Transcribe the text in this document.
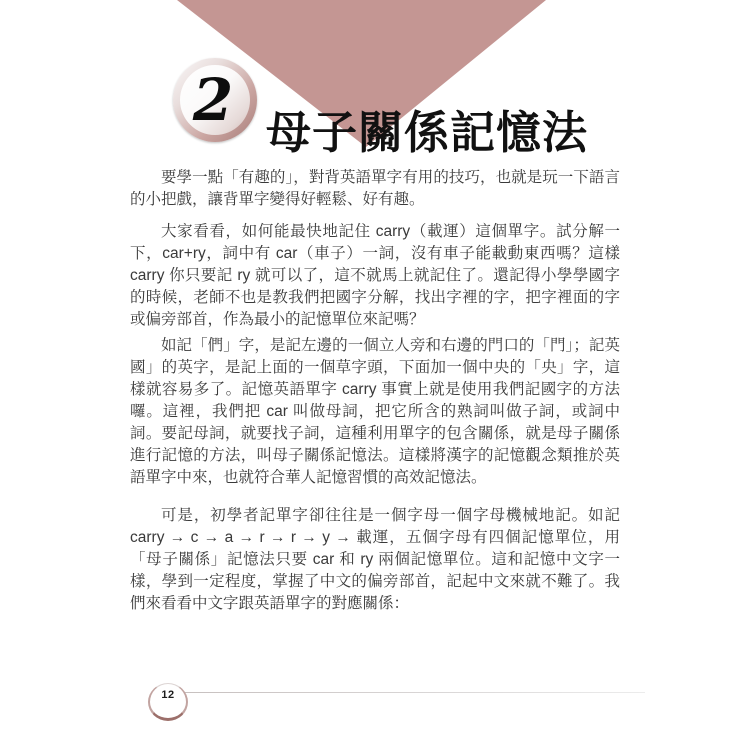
2 母子關係記憶法

要學一點「有趣的」，對背英語單字有用的技巧，也就是玩一下語言的小把戲，讓背單字變得好輕鬆、好有趣。

大家看看，如何能最快地記住 carry（載運）這個單字。試分解一下，car+ry，詞中有 car（車子）一詞，沒有車子能載動東西嗎？這樣 carry 你只要記 ry 就可以了，這不就馬上就記住了。還記得小學學國字的時候，老師不也是教我們把國字分解，找出字裡的字，把字裡面的字或偏旁部首，作為最小的記憶單位來記嗎？

如記「們」字，是記左邊的一個立人旁和右邊的門口的「門」；記英國」的英字，是記上面的一個草字頭，下面加一個中央的「央」字，這樣就容易多了。記憶英語單字 carry 事實上就是使用我們記國字的方法囉。這裡，我們把 car 叫做母詞，把它所含的熟詞叫做子詞，或詞中詞。要記母詞，就要找子詞，這種利用單字的包含關係，就是母子關係進行記憶的方法，叫母子關係記憶法。這樣將漢字的記憶觀念類推於英語單字中來，也就符合華人記憶習慣的高效記憶法。

可是，初學者記單字卻往往是一個字母一個字母機械地記。如記 carry → c → a → r → r → y → 載運，五個字母有四個記憶單位，用「母子關係」記憶法只要 car 和 ry 兩個記憶單位。這和記憶中文字一樣，學到一定程度，掌握了中文的偏旁部首，記起中文來就不難了。我們來看看中文字跟英語單字的對應關係：

12
